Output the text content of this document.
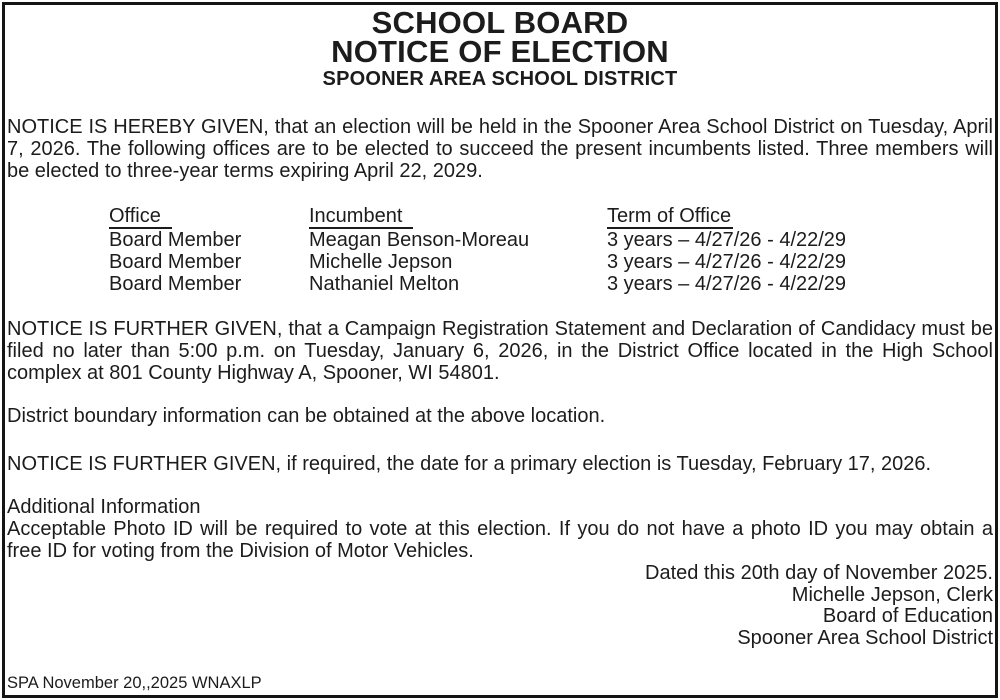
SCHOOL BOARD
NOTICE OF ELECTION
SPOONER AREA SCHOOL DISTRICT

NOTICE IS HEREBY GIVEN, that an election will be held in the Spooner Area School District on Tuesday, April 7, 2026. The following offices are to be elected to succeed the present incumbents listed. Three members will be elected to three-year terms expiring April 22, 2029.

Office	Incumbent	Term of Office
Board Member	Meagan Benson-Moreau	3 years – 4/27/26 - 4/22/29
Board Member	Michelle Jepson	3 years – 4/27/26 - 4/22/29
Board Member	Nathaniel Melton	3 years – 4/27/26 - 4/22/29

NOTICE IS FURTHER GIVEN, that a Campaign Registration Statement and Declaration of Candidacy must be filed no later than 5:00 p.m. on Tuesday, January 6, 2026, in the District Office located in the High School complex at 801 County Highway A, Spooner, WI 54801.

District boundary information can be obtained at the above location.

NOTICE IS FURTHER GIVEN, if required, the date for a primary election is Tuesday, February 17, 2026.

Additional Information

Acceptable Photo ID will be required to vote at this election. If you do not have a photo ID you may obtain a free ID for voting from the Division of Motor Vehicles.

Dated this 20th day of November 2025.
Michelle Jepson, Clerk
Board of Education
Spooner Area School District
SPA November 20,,2025 WNAXLP
